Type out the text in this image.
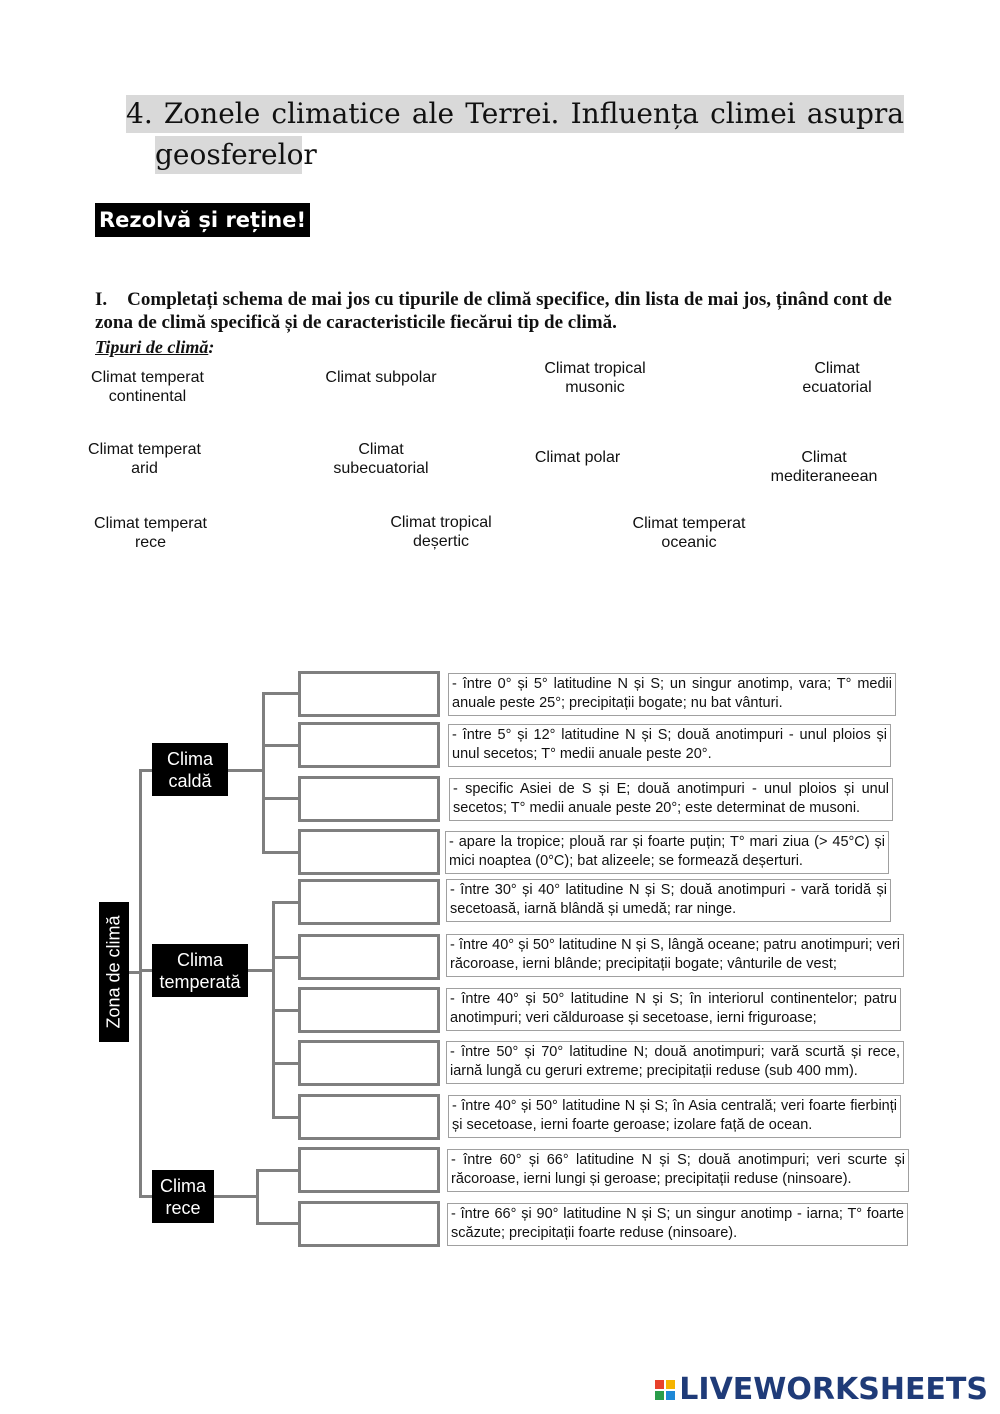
4. Zonele climatice ale Terrei. Influența climei asupra
geosferelor
Rezolvă și reține!
I. Completați schema de mai jos cu tipurile de climă specifice, din lista de mai jos, ținând cont de zona de climă specifică și de caracteristicile fiecărui tip de climă.
Tipuri de climă:
Climat temperat continental
Climat subpolar
Climat tropical musonic
Climat ecuatorial
Climat temperat arid
Climat subecuatorial
Climat polar	Climat mediteraneean
Climat temperat rece
Climat tropical deșertic
Climat temperat oceanic
Zona de climă
Clima
caldă
Clima
temperată
Clima
rece
- între 0° și 5° latitudine N și S; un singur anotimp, vara; T° medii anuale peste 25°; precipitații bogate; nu bat vânturi.
- între 5° și 12° latitudine N și S; două anotimpuri - unul ploios și unul secetos; T° medii anuale peste 20°.
- specific Asiei de S și E; două anotimpuri - unul ploios și unul secetos; T° medii anuale peste 20°; este determinat de musoni.
- apare la tropice; plouă rar și foarte puțin; T° mari ziua (> 45°C) și mici noaptea (0°C); bat alizeele; se formează deșerturi.
- între 30° și 40° latitudine N și S; două anotimpuri - vară toridă și secetoasă, iarnă blândă și umedă; rar ninge.
- între 40° și 50° latitudine N și S, lângă oceane; patru anotimpuri; veri răcoroase, ierni blânde; precipitații bogate; vânturile de vest;
- între 40° și 50° latitudine N și S; în interiorul continentelor; patru anotimpuri; veri călduroase și secetoase, ierni friguroase;
- între 50° și 70° latitudine N; două anotimpuri; vară scurtă și rece, iarnă lungă cu geruri extreme; precipitații reduse (sub 400 mm).
- între 40° și 50° latitudine N și S; în Asia centrală; veri foarte fierbinți și secetoase, ierni foarte geroase; izolare față de ocean.
- între 60° și 66° latitudine N și S; două anotimpuri; veri scurte și răcoroase, ierni lungi și geroase; precipitații reduse (ninsoare).
- între 66° și 90° latitudine N și S; un singur anotimp - iarna; T° foarte scăzute; precipitații foarte reduse (ninsoare).
LIVEWORKSHEETS
